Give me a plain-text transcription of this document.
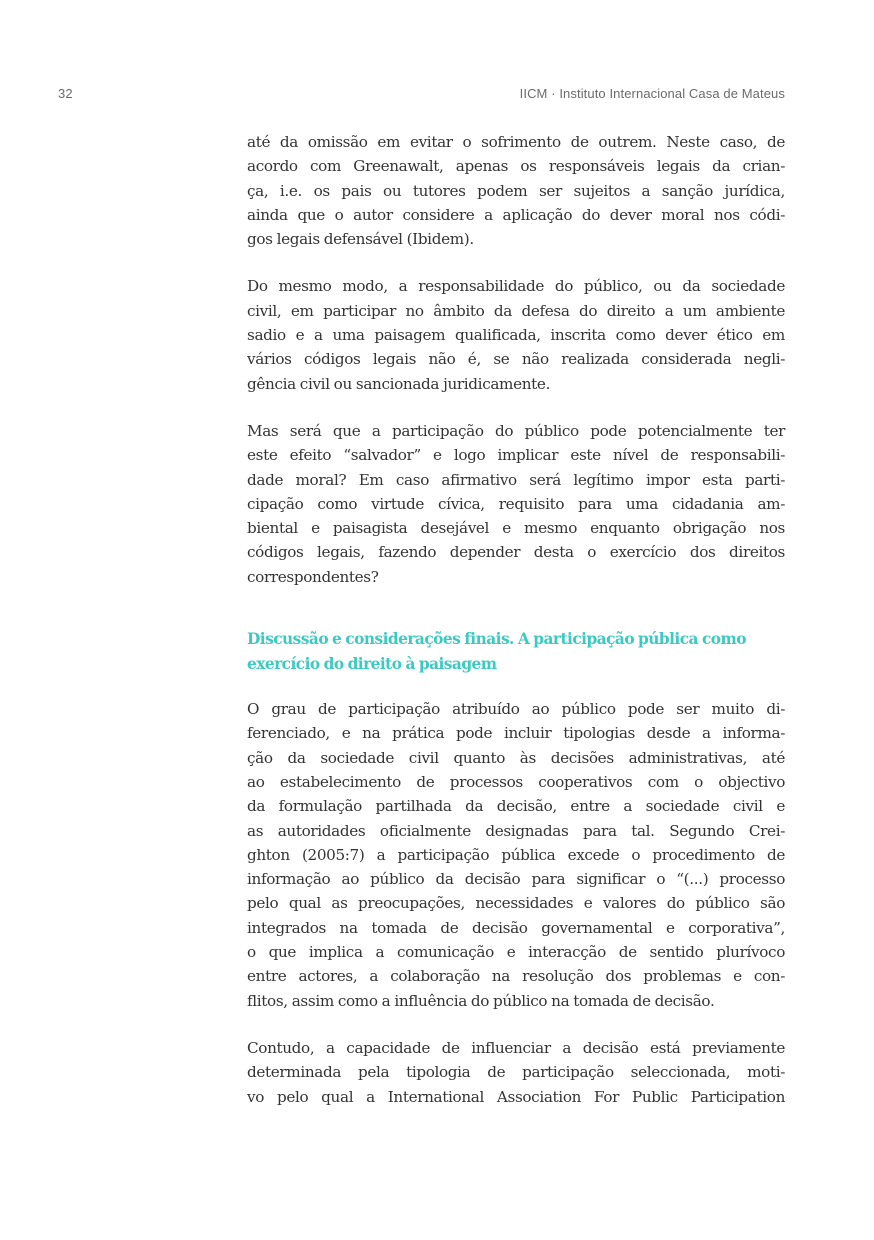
32	IICM · Instituto Internacional Casa de Mateus
até da omissão em evitar o sofrimento de outrem. Neste caso, de
acordo com Greenawalt, apenas os responsáveis legais da crian-
ça, i.e. os pais ou tutores podem ser sujeitos a sanção jurídica,
ainda que o autor considere a aplicação do dever moral nos códi-
gos legais defensável (Ibidem).
Do mesmo modo, a responsabilidade do público, ou da sociedade
civil, em participar no âmbito da defesa do direito a um ambiente
sadio e a uma paisagem qualificada, inscrita como dever ético em
vários códigos legais não é, se não realizada considerada negli-
gência civil ou sancionada juridicamente.
Mas será que a participação do público pode potencialmente ter
este efeito “salvador” e logo implicar este nível de responsabili-
dade moral? Em caso afirmativo será legítimo impor esta parti-
cipação como virtude cívica, requisito para uma cidadania am-
biental e paisagista desejável e mesmo enquanto obrigação nos
códigos legais, fazendo depender desta o exercício dos direitos
correspondentes?
Discussão e considerações finais. A participação pública como
exercício do direito à paisagem
O grau de participação atribuído ao público pode ser muito di-
ferenciado, e na prática pode incluir tipologias desde a informa-
ção da sociedade civil quanto às decisões administrativas, até
ao estabelecimento de processos cooperativos com o objectivo
da formulação partilhada da decisão, entre a sociedade civil e
as autoridades oficialmente designadas para tal. Segundo Crei-
ghton (2005:7) a participação pública excede o procedimento de
informação ao público da decisão para significar o “(...) processo
pelo qual as preocupações, necessidades e valores do público são
integrados na tomada de decisão governamental e corporativa”,
o que implica a comunicação e interacção de sentido plurívoco
entre actores, a colaboração na resolução dos problemas e con-
flitos, assim como a influência do público na tomada de decisão.
Contudo, a capacidade de influenciar a decisão está previamente
determinada pela tipologia de participação seleccionada, moti-
vo pelo qual a International Association For Public Participation
